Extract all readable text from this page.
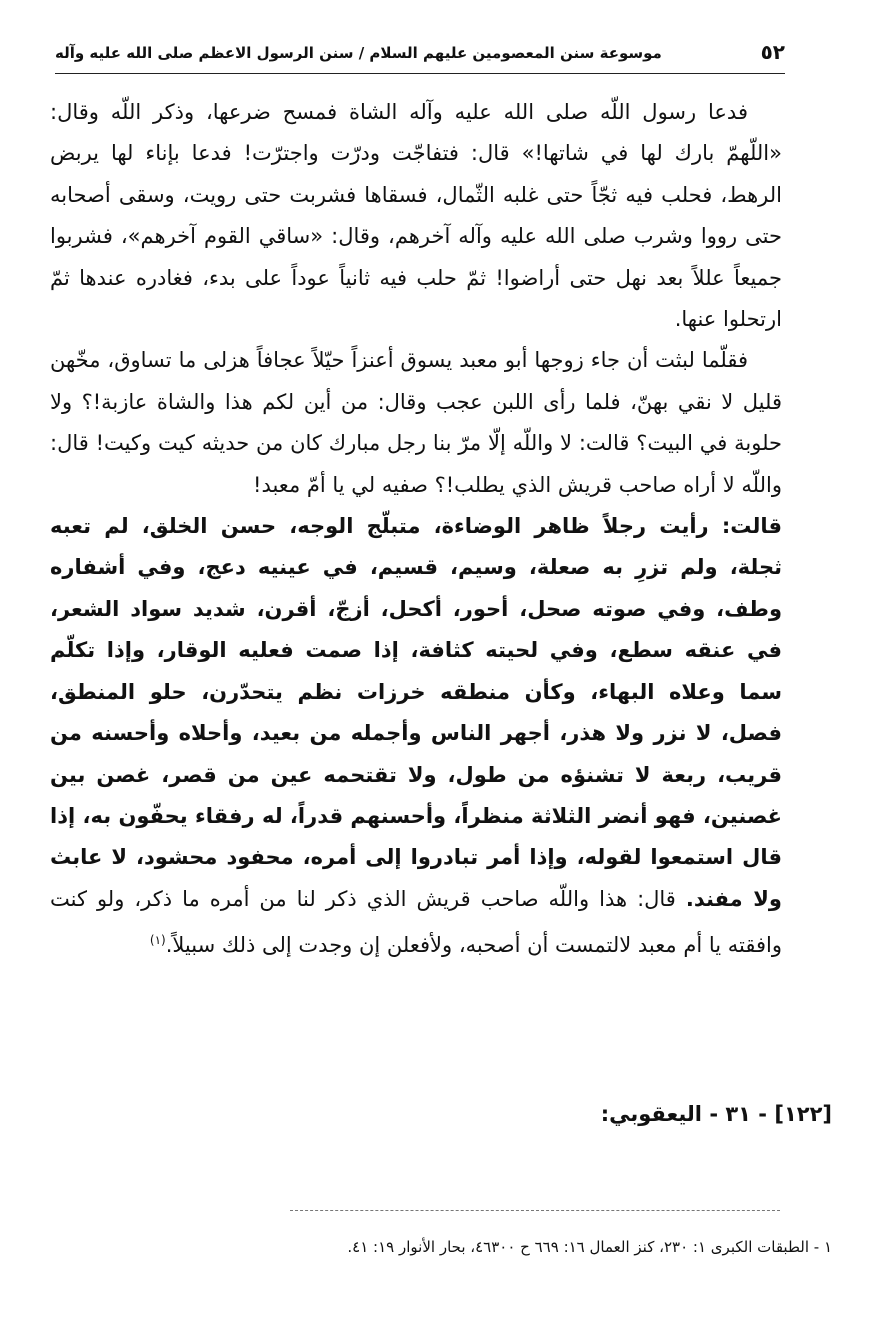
٥٢
موسوعة سنن المعصومين عليهم السلام / سنن الرسول الاعظم صلى الله عليه وآله

فدعا رسول اللّه صلى الله عليه وآله الشاة فمسح ضرعها، وذكر اللّه وقال: «اللّهمّ بارك لها في شاتها!» قال: فتفاجّت ودرّت واجترّت! فدعا بإناء لها يربض الرهط، فحلب فيه ثجّاً حتى غلبه الثّمال، فسقاها فشربت حتى رويت، وسقى أصحابه حتى رووا وشرب صلى الله عليه وآله آخرهم، وقال: «ساقي القوم آخرهم»، فشربوا جميعاً عللاً بعد نهل حتى أراضوا! ثمّ حلب فيه ثانياً عوداً على بدء، فغادره عندها ثمّ ارتحلوا عنها.

فقلّما لبثت أن جاء زوجها أبو معبد يسوق أعنزاً حيّلاً عجافاً هزلى ما تساوق، مخّهن قليل لا نقي بهنّ، فلما رأى اللبن عجب وقال: من أين لكم هذا والشاة عازبة!؟ ولا حلوبة في البيت؟ قالت: لا واللّه إلّا مرّ بنا رجل مبارك كان من حديثه كيت وكيت! قال: واللّه لا أراه صاحب قريش الذي يطلب!؟ صفيه لي يا أمّ معبد!

قالت: رأيت رجلاً ظاهر الوضاءة، متبلّج الوجه، حسن الخلق، لم تعبه ثجلة، ولم تزرِ به صعلة، وسيم، قسيم، في عينيه دعج، وفي أشفاره وطف، وفي صوته صحل، أحور، أكحل، أزجّ، أقرن، شديد سواد الشعر، في عنقه سطع، وفي لحيته كثافة، إذا صمت فعليه الوقار، وإذا تكلّم سما وعلاه البهاء، وكأن منطقه خرزات نظم يتحدّرن، حلو المنطق، فصل، لا نزر ولا هذر، أجهر الناس وأجمله من بعيد، وأحلاه وأحسنه من قريب، ربعة لا تشنؤه من طول، ولا تقتحمه عين من قصر، غصن بين غصنين، فهو أنضر الثلاثة منظراً، وأحسنهم قدراً، له رفقاء يحفّون به، إذا قال استمعوا لقوله، وإذا أمر تبادروا إلى أمره، محفود محشود، لا عابث ولا مفند. قال: هذا واللّه صاحب قريش الذي ذكر لنا من أمره ما ذكر، ولو كنت وافقته يا أم معبد لالتمست أن أصحبه، ولأفعلن إن وجدت إلى ذلك سبيلاً.$^{(١)}$

[١٢٢] - ٣١ - اليعقوبي:
١ - الطبقات الكبرى ١: ٢٣٠، كنز العمال ١٦: ٦٦٩ ح ٤٦٣٠٠، بحار الأنوار ١٩: ٤١.
